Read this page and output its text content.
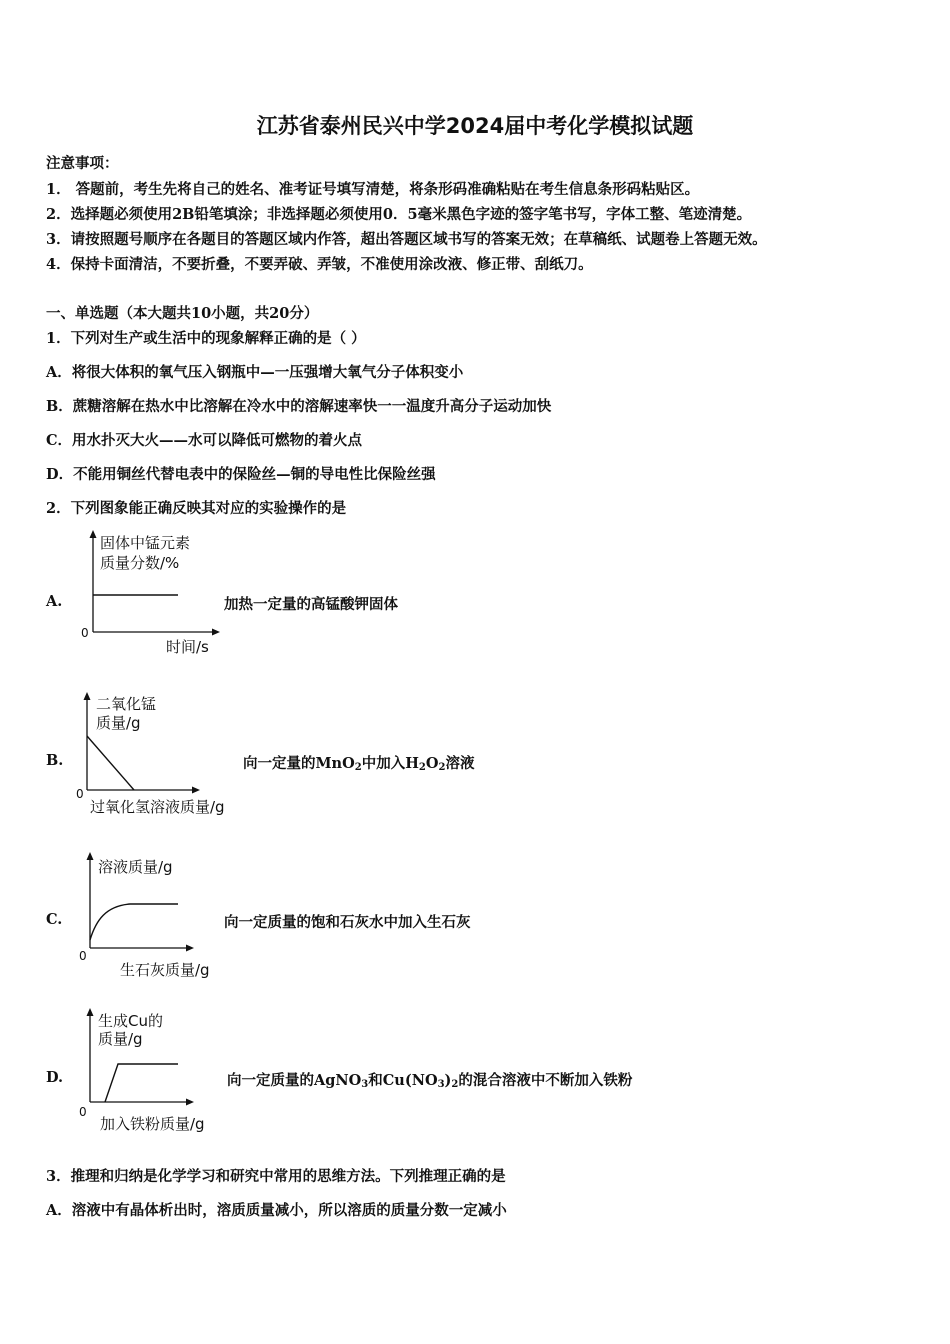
江苏省泰州民兴中学2024届中考化学模拟试题
注意事项：
1． 答题前，考生先将自己的姓名、准考证号填写清楚，将条形码准确粘贴在考生信息条形码粘贴区。
2．选择题必须使用2B铅笔填涂；非选择题必须使用0．5毫米黑色字迹的签字笔书写，字体工整、笔迹清楚。
3．请按照题号顺序在各题目的答题区域内作答，超出答题区域书写的答案无效；在草稿纸、试题卷上答题无效。
4．保持卡面清洁，不要折叠，不要弄破、弄皱，不准使用涂改液、修正带、刮纸刀。
一、单选题（本大题共10小题，共20分）
1．下列对生产或生活中的现象解释正确的是（ ）
A．将很大体积的氧气压入钢瓶中—一压强增大氧气分子体积变小
B．蔗糖溶解在热水中比溶解在冷水中的溶解速率快一一温度升高分子运动加快
C．用水扑灭大火——水可以降低可燃物的着火点
D．不能用铜丝代替电表中的保险丝—铜的导电性比保险丝强
2．下列图象能正确反映其对应的实验操作的是
A.
固体中锰元素
质量分数/%
0
时间/s
加热一定量的高锰酸钾固体
B.
二氧化锰
质量/g
0
过氧化氢溶液质量/g
向一定量的MnO$_2$中加入$H_2O_2$溶液
C.
溶液质量/g
0
生石灰质量/g
向一定质量的饱和石灰水中加入生石灰
D.
生成Cu的
质量/g
0
加入铁粉质量/g
向一定质量的AgNO$_3$和$Cu(NO_3)_2$的混合溶液中不断加入铁粉
3．推理和归纳是化学学习和研究中常用的思维方法。下列推理正确的是
A．溶液中有晶体析出时，溶质质量减小，所以溶质的质量分数一定减小
